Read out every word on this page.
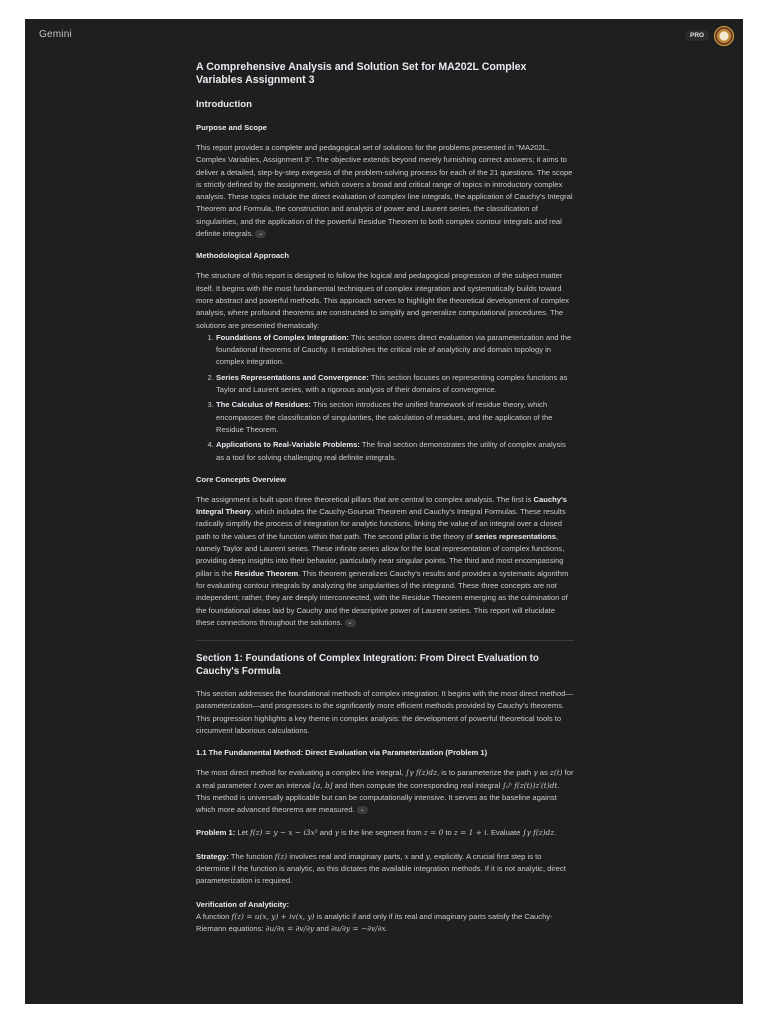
Gemini	PRO
A Comprehensive Analysis and Solution Set for MA202L Complex Variables Assignment 3
Introduction
Purpose and Scope

This report provides a complete and pedagogical set of solutions for the problems presented in "MA202L, Complex Variables, Assignment 3". The objective extends beyond merely furnishing correct answers; it aims to deliver a detailed, step-by-step exegesis of the problem-solving process for each of the 21 questions. The scope is strictly defined by the assignment, which covers a broad and critical range of topics in introductory complex analysis. These topics include the direct evaluation of complex line integrals, the application of Cauchy's Integral Theorem and Formula, the construction and analysis of power and Laurent series, the classification of singularities, and the application of the powerful Residue Theorem to both complex contour integrals and real definite integrals. ⌄

Methodological Approach

The structure of this report is designed to follow the logical and pedagogical progression of the subject matter itself. It begins with the most fundamental techniques of complex integration and systematically builds toward more abstract and powerful methods. This approach serves to highlight the theoretical development of complex analysis, where profound theorems are constructed to simplify and generalize computational procedures. The solutions are presented thematically:

1. Foundations of Complex Integration: This section covers direct evaluation via parameterization and the foundational theorems of Cauchy. It establishes the critical role of analyticity and domain topology in complex integration.
2. Series Representations and Convergence: This section focuses on representing complex functions as Taylor and Laurent series, with a rigorous analysis of their domains of convergence.
3. The Calculus of Residues: This section introduces the unified framework of residue theory, which encompasses the classification of singularities, the calculation of residues, and the application of the Residue Theorem.
4. Applications to Real-Variable Problems: The final section demonstrates the utility of complex analysis as a tool for solving challenging real definite integrals.
Core Concepts Overview

The assignment is built upon three theoretical pillars that are central to complex analysis. The first is Cauchy's Integral Theory, which includes the Cauchy-Goursat Theorem and Cauchy's Integral Formulas. These results radically simplify the process of integration for analytic functions, linking the value of an integral over a closed path to the values of the function within that path. The second pillar is the theory of series representations, namely Taylor and Laurent series. These infinite series allow for the local representation of complex functions, providing deep insights into their behavior, particularly near singular points. The third and most encompassing pillar is the Residue Theorem. This theorem generalizes Cauchy's results and provides a systematic algorithm for evaluating contour integrals by analyzing the singularities of the integrand. These three concepts are not independent; rather, they are deeply interconnected, with the Residue Theorem emerging as the culmination of the foundational ideas laid by Cauchy and the descriptive power of Laurent series. This report will elucidate these connections throughout the solutions. ⌄

Section 1: Foundations of Complex Integration: From Direct Evaluation to Cauchy's Formula

This section addresses the foundational methods of complex integration. It begins with the most direct method—parameterization—and progresses to the significantly more efficient methods provided by Cauchy's theorems. This progression highlights a key theme in complex analysis: the development of powerful theoretical tools to circumvent laborious calculations.

1.1 The Fundamental Method: Direct Evaluation via Parameterization (Problem 1)

The most direct method for evaluating a complex line integral, ∫γ f(z)dz, is to parameterize the path γ as z(t) for a real parameter t over an interval [a, b] and then compute the corresponding real integral ∫ₐᵇ f(z(t))z′(t)dt. This method is universally applicable but can be computationally intensive. It serves as the baseline against which more advanced theorems are measured. ⌄

Problem 1: Let f(z) = y − x − i3x² and γ is the line segment from z = 0 to z = 1 + i. Evaluate ∫γ f(z)dz.

Strategy: The function f(z) involves real and imaginary parts, x and y, explicitly. A crucial first step is to determine if the function is analytic, as this dictates the available integration methods. If it is not analytic, direct parameterization is required.

Verification of Analyticity:

A function f(z) = u(x, y) + iv(x, y) is analytic if and only if its real and imaginary parts satisfy the Cauchy-Riemann equations: ∂u/∂x = ∂v/∂y and ∂u/∂y = −∂v/∂x.
